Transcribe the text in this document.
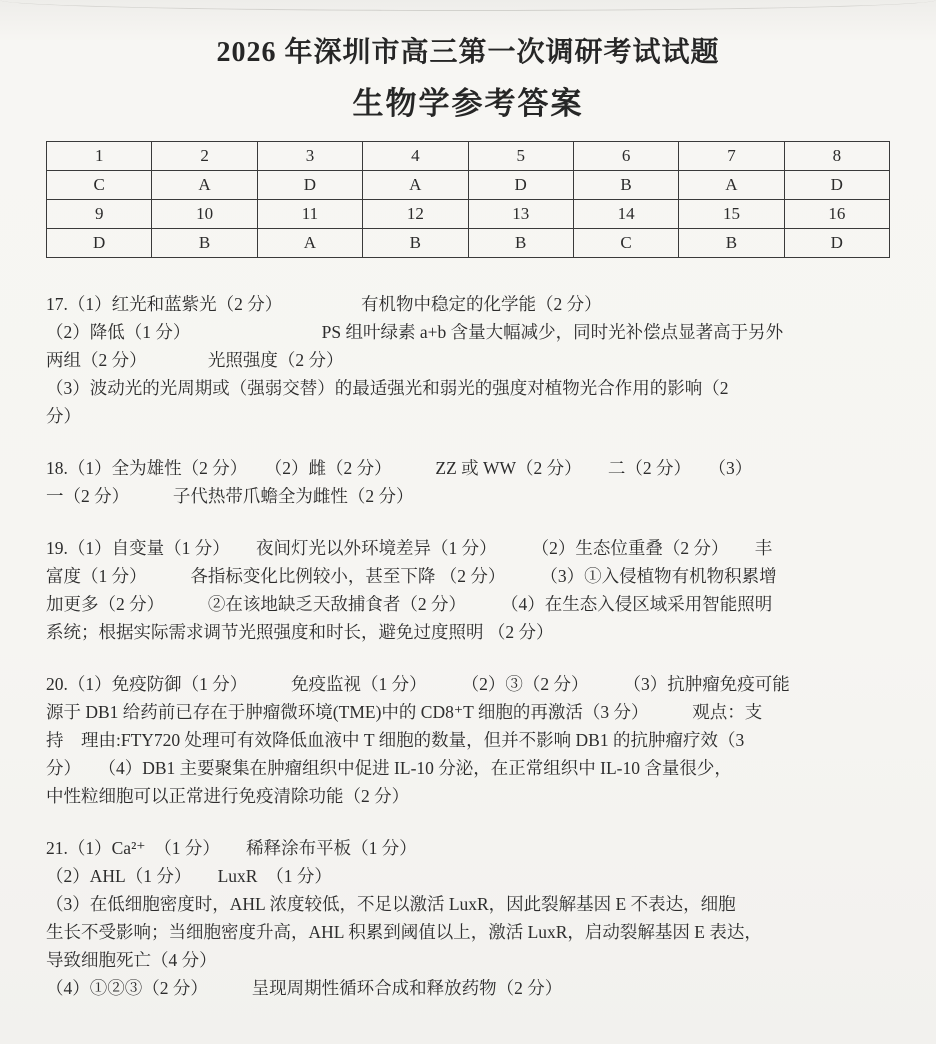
2026 年深圳市高三第一次调研考试试题
生物学参考答案
1	2	3	4	5	6	7	8
C	A	D	A	D	B	A	D
9	10	11	12	13	14	15	16
D	B	A	B	B	C	B	D
17.（1）红光和蓝紫光（2 分）　　　　　有机物中稳定的化学能（2 分）
（2）降低（1 分）　　　　　　　　PS 组叶绿素 a+b 含量大幅减少，同时光补偿点显著高于另外
两组（2 分）　　　　光照强度（2 分）
（3）波动光的光周期或（强弱交替）的最适强光和弱光的强度对植物光合作用的影响（2
分）
18.（1）全为雄性（2 分）　　（2）雌（2 分）　　　ZZ 或 WW（2 分）　　二（2 分）　　（3）
一（2 分）　　　子代热带爪蟾全为雌性（2 分）
19.（1）自变量（1 分）　　夜间灯光以外环境差异（1 分）　　　（2）生态位重叠（2 分）　　丰
富度（1 分）　　　各指标变化比例较小，甚至下降 （2 分）　　　（3）①入侵植物有机物积累增
加更多（2 分）　　　②在该地缺乏天敌捕食者（2 分）　　　（4）在生态入侵区域采用智能照明
系统；根据实际需求调节光照强度和时长，避免过度照明 （2 分）
20.（1）免疫防御（1 分）　　　免疫监视（1 分）　　　（2）③（2 分）　　　（3）抗肿瘤免疫可能
源于 DB1 给药前已存在于肿瘤微环境(TME)中的 CD8⁺T 细胞的再激活（3 分）　　　观点：支
持　理由:FTY720 处理可有效降低血液中 T 细胞的数量，但并不影响 DB1 的抗肿瘤疗效（3
分）　　（4）DB1 主要聚集在肿瘤组织中促进 IL-10 分泌，在正常组织中 IL-10 含量很少，
中性粒细胞可以正常进行免疫清除功能（2 分）
21.（1）Ca²⁺　（1 分）　　稀释涂布平板（1 分）
（2）AHL（1 分）　　LuxR　（1 分）
（3）在低细胞密度时，AHL 浓度较低，不足以激活 LuxR，因此裂解基因 E 不表达，细胞
生长不受影响；当细胞密度升高，AHL 积累到阈值以上，激活 LuxR，启动裂解基因 E 表达，
导致细胞死亡（4 分）
（4）①②③（2 分）　　　呈现周期性循环合成和释放药物（2 分）
